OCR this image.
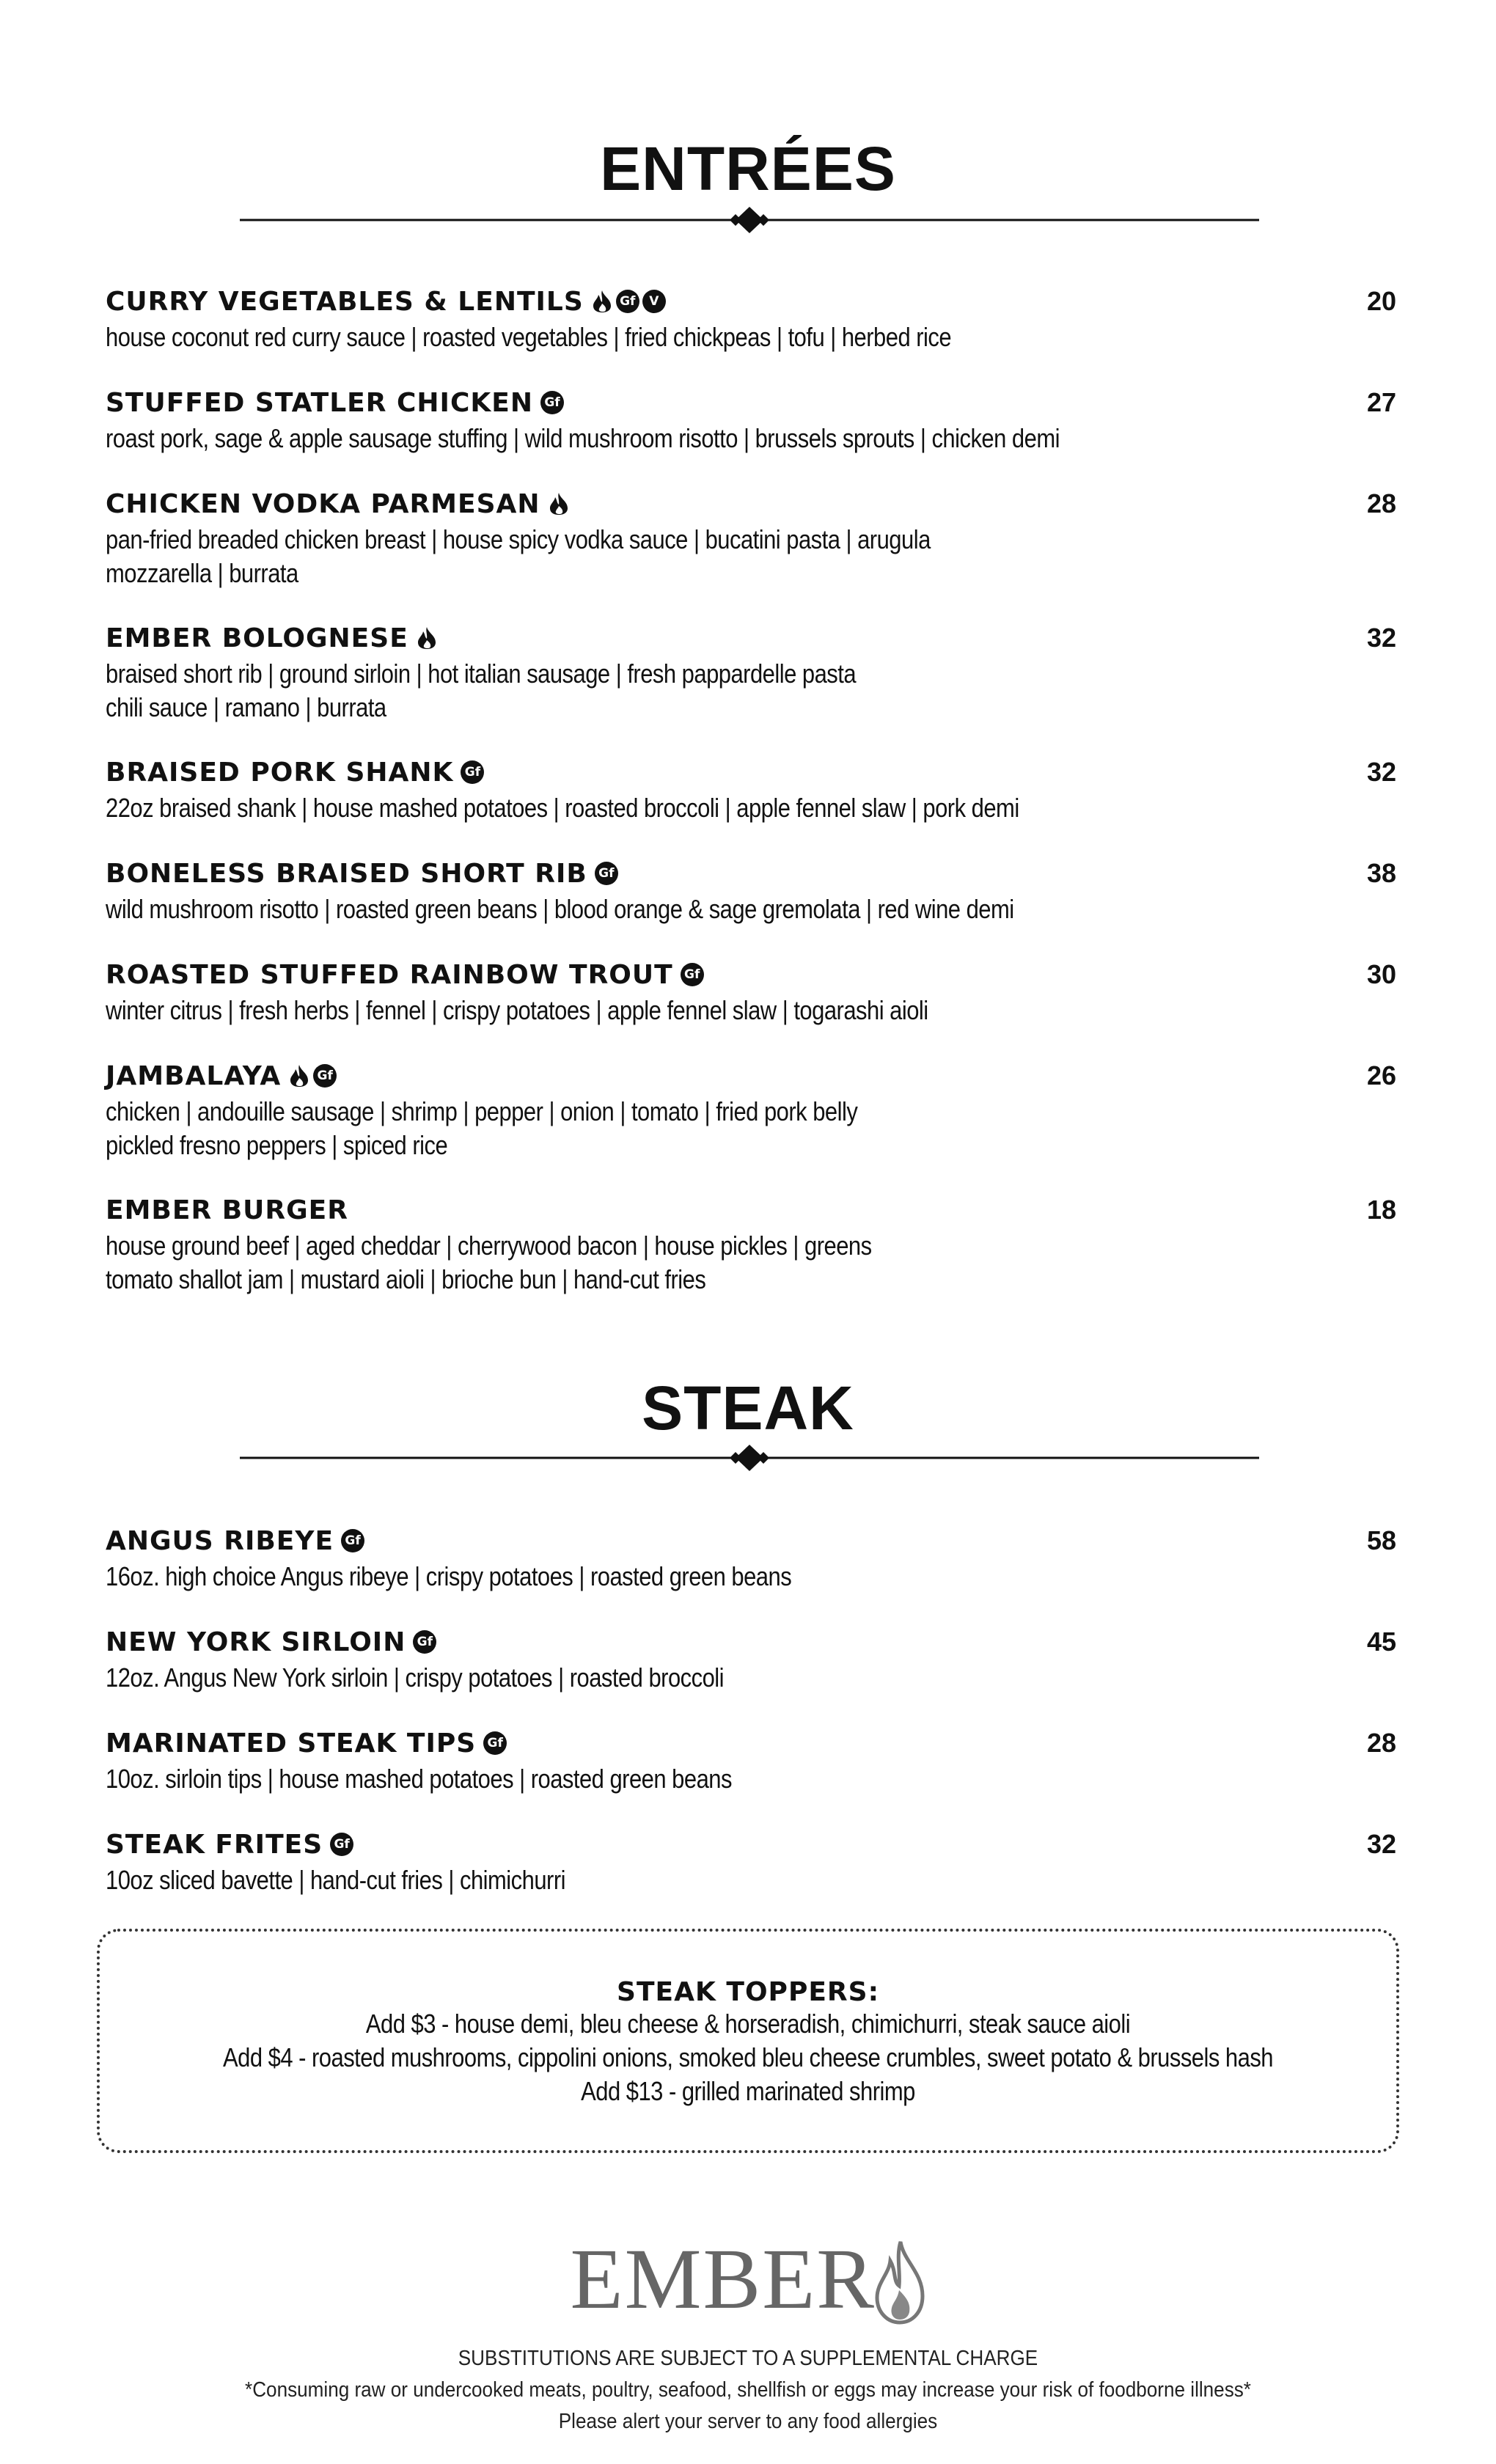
ENTRÉES
CURRY VEGETABLES & LENTILS	Gf	V	20
house coconut red curry sauce | roasted vegetables | fried chickpeas | tofu | herbed rice
STUFFED STATLER CHICKEN Gf	27
roast pork, sage & apple sausage stuffing | wild mushroom risotto | brussels sprouts | chicken demi
CHICKEN VODKA PARMESAN	28
pan-fried breaded chicken breast | house spicy vodka sauce | bucatini pasta | arugula
mozzarella | burrata
EMBER BOLOGNESE	32
braised short rib | ground sirloin | hot italian sausage | fresh pappardelle pasta
chili sauce | ramano | burrata
BRAISED PORK SHANK Gf	32
22oz braised shank | house mashed potatoes | roasted broccoli | apple fennel slaw | pork demi
BONELESS BRAISED SHORT RIB Gf	38
wild mushroom risotto | roasted green beans | blood orange & sage gremolata | red wine demi
ROASTED STUFFED RAINBOW TROUT Gf	30
winter citrus | fresh herbs | fennel | crispy potatoes | apple fennel slaw | togarashi aioli
JAMBALAYA	Gf	26
chicken | andouille sausage | shrimp | pepper | onion | tomato | fried pork belly
pickled fresno peppers | spiced rice
EMBER BURGER	18
house ground beef | aged cheddar | cherrywood bacon | house pickles | greens
tomato shallot jam | mustard aioli | brioche bun | hand-cut fries
STEAK
ANGUS RIBEYE Gf	58
16oz. high choice Angus ribeye | crispy potatoes | roasted green beans
NEW YORK SIRLOIN Gf	45
12oz. Angus New York sirloin | crispy potatoes | roasted broccoli
MARINATED STEAK TIPS Gf	28
10oz. sirloin tips | house mashed potatoes | roasted green beans
STEAK FRITES Gf	32
10oz sliced bavette | hand-cut fries | chimichurri
STEAK TOPPERS:
Add $3 - house demi, bleu cheese & horseradish, chimichurri, steak sauce aioli
Add $4 - roasted mushrooms, cippolini onions, smoked bleu cheese crumbles, sweet potato & brussels hash
Add $13 - grilled marinated shrimp
EMBER
SUBSTITUTIONS ARE SUBJECT TO A SUPPLEMENTAL CHARGE
*Consuming raw or undercooked meats, poultry, seafood, shellfish or eggs may increase your risk of foodborne illness*
Please alert your server to any food allergies
